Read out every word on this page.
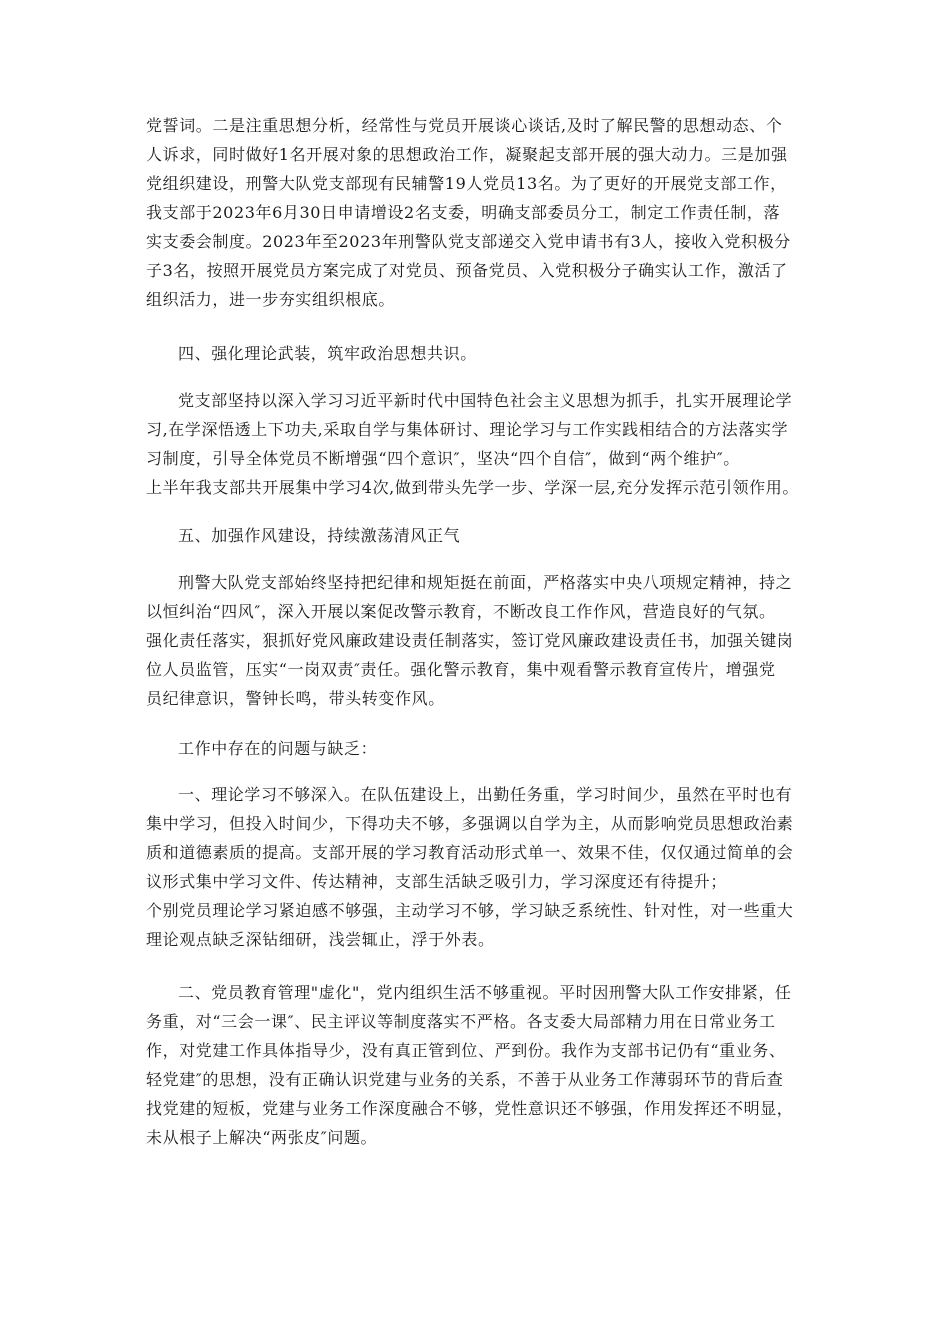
党誓词。二是注重思想分析，经常性与党员开展谈心谈话,及时了解民警的思想动态、个
人诉求，同时做好1名开展对象的思想政治工作，凝聚起支部开展的强大动力。三是加强
党组织建设，刑警大队党支部现有民辅警19人党员13名。为了更好的开展党支部工作，
我支部于2023年6月30日申请增设2名支委，明确支部委员分工，制定工作责任制，落
实支委会制度。2023年至2023年刑警队党支部递交入党申请书有3人，接收入党积极分
子3名，按照开展党员方案完成了对党员、预备党员、入党积极分子确实认工作，激活了
组织活力，进一步夯实组织根底。
四、强化理论武装，筑牢政治思想共识。
党支部坚持以深入学习习近平新时代中国特色社会主义思想为抓手，扎实开展理论学
习,在学深悟透上下功夫,采取自学与集体研讨、理论学习与工作实践相结合的方法落实学
习制度，引导全体党员不断增强“四个意识″，坚决“四个自信″，做到“两个维护″。
上半年我支部共开展集中学习4次,做到带头先学一步、学深一层,充分发挥示范引领作用。
五、加强作风建设，持续激荡清风正气
刑警大队党支部始终坚持把纪律和规矩挺在前面，严格落实中央八项规定精神，持之
以恒纠治“四风″，深入开展以案促改警示教育，不断改良工作作风，营造良好的气氛。
强化责任落实，狠抓好党风廉政建设责任制落实，签订党风廉政建设责任书，加强关键岗
位人员监管，压实“一岗双责″责任。强化警示教育，集中观看警示教育宣传片，增强党
员纪律意识，警钟长鸣，带头转变作风。
工作中存在的问题与缺乏：
一、理论学习不够深入。在队伍建设上，出勤任务重，学习时间少，虽然在平时也有
集中学习，但投入时间少，下得功夫不够，多强调以自学为主，从而影响党员思想政治素
质和道德素质的提高。支部开展的学习教育活动形式单一、效果不佳，仅仅通过简单的会
议形式集中学习文件、传达精神，支部生活缺乏吸引力，学习深度还有待提升；
个别党员理论学习紧迫感不够强，主动学习不够，学习缺乏系统性、针对性，对一些重大
理论观点缺乏深钻细研，浅尝辄止，浮于外表。
二、党员教育管理"虚化"，党内组织生活不够重视。平时因刑警大队工作安排紧，任
务重，对“三会一课″、民主评议等制度落实不严格。各支委大局部精力用在日常业务工
作，对党建工作具体指导少，没有真正管到位、严到份。我作为支部书记仍有“重业务、
轻党建″的思想，没有正确认识党建与业务的关系，不善于从业务工作薄弱环节的背后查
找党建的短板，党建与业务工作深度融合不够，党性意识还不够强，作用发挥还不明显，
未从根子上解决“两张皮″问题。
